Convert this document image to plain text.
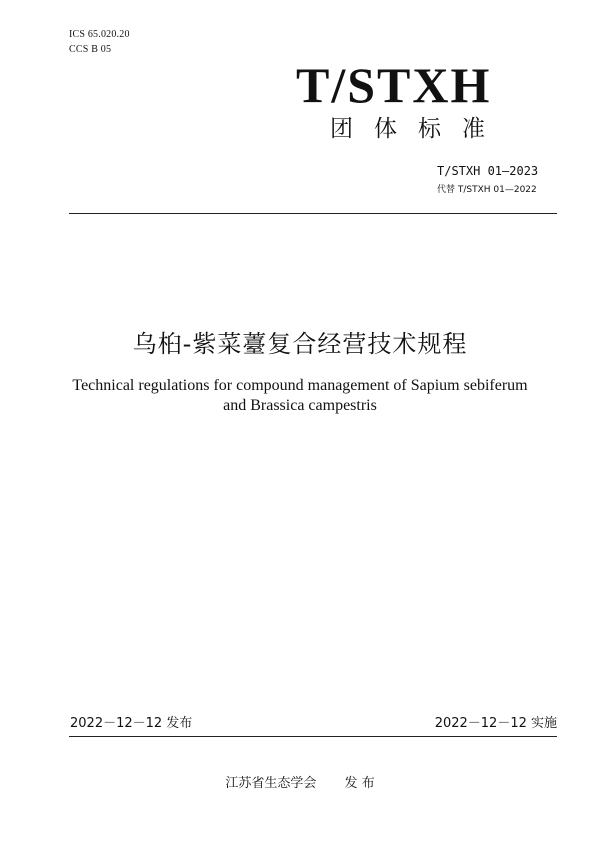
ICS 65.020.20
CCS B 05
T/STXH
团体标准
T/STXH 01—2023
代替 T/STXH 01—2022
乌桕-紫菜薹复合经营技术规程
Technical regulations for compound management of Sapium sebiferum and Brassica campestris
2022－12－12 发布	2022－12－12 实施
江苏省生态学会 发 布
